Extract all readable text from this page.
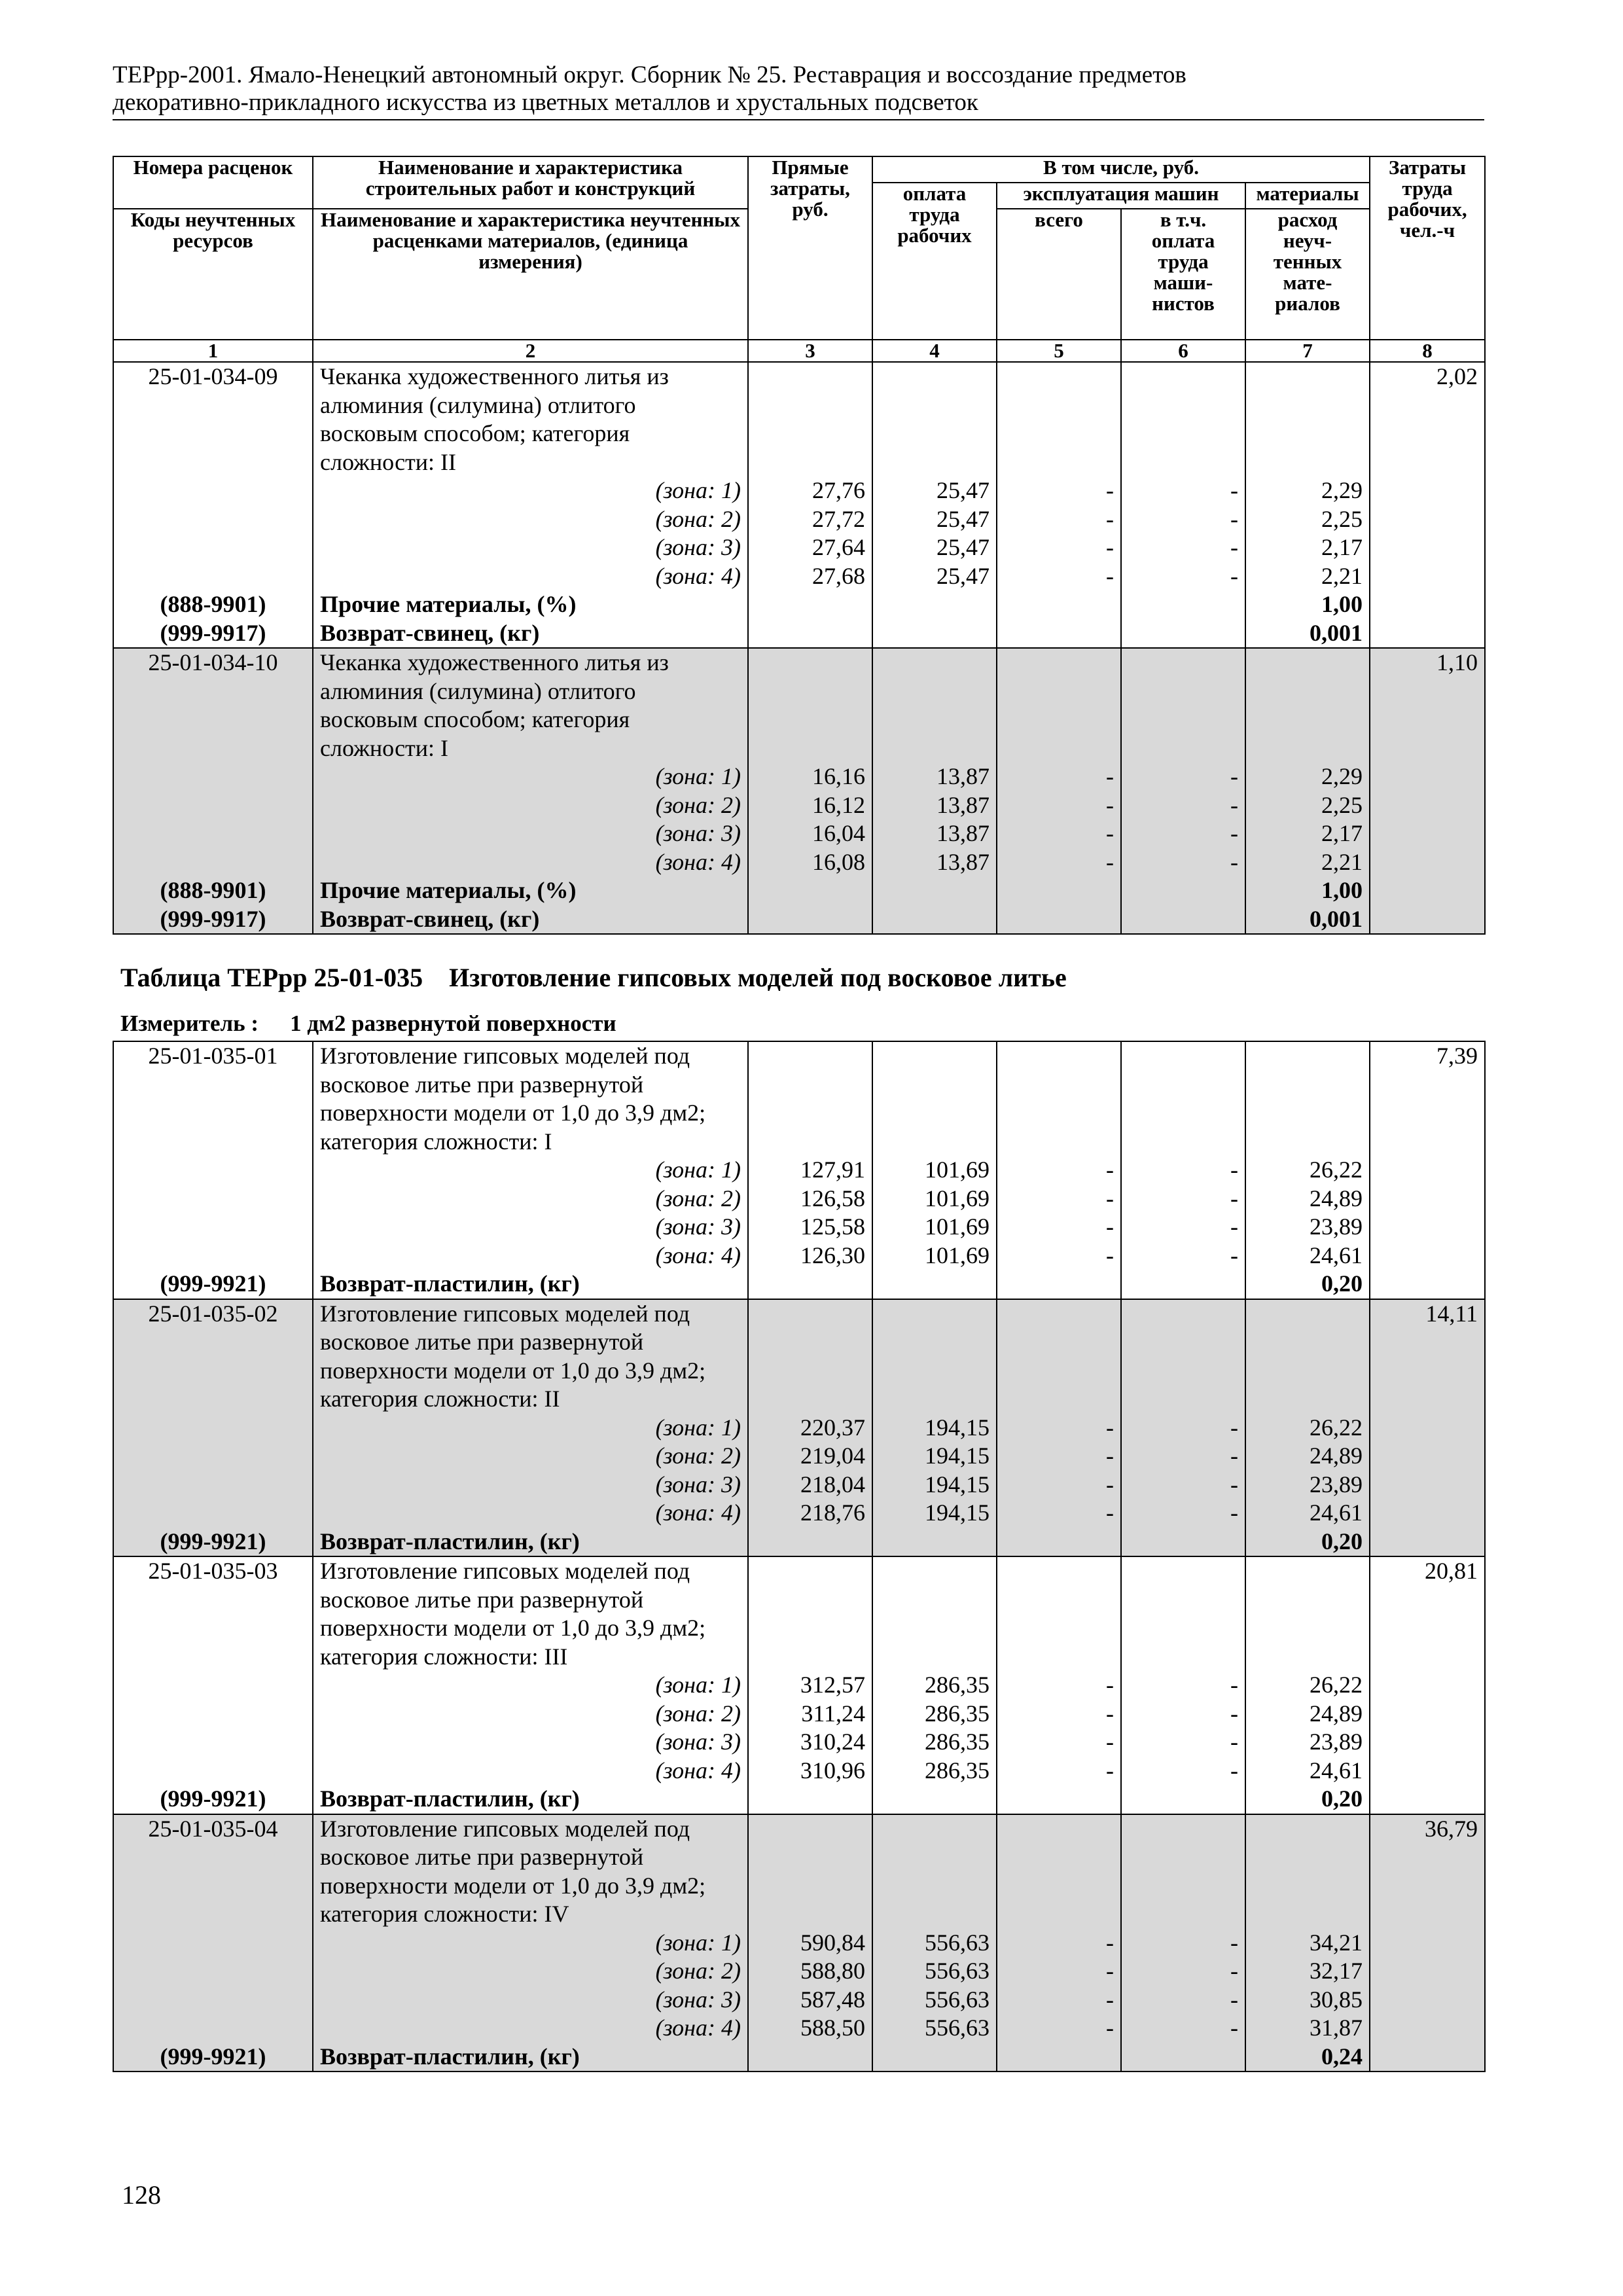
ТЕРрр-2001. Ямало-Ненецкий автономный округ. Сборник № 25. Реставрация и воссоздание предметов
декоративно-прикладного искусства из цветных металлов и хрустальных подсветок
Номера расценок	Наименование и характеристика строительных работ и конструкций	Прямые затраты, руб.	В том числе, руб.				Затраты труда рабочих, чел.-ч
			оплата труда рабочих	эксплуатация машин		материалы	
Коды неучтенных ресурсов	Наименование и характеристика неучтенных расценками материалов, (единица измерения)			всего	в т.ч. оплата труда маши- нистов	расход неуч- тенных мате- риалов	
1	2	3	4	5	6	7	8
25-01-034-09	Чеканка художественного литья из						2,02
	алюминия (силумина) отлитого						
	восковым способом; категория						
	сложности: II						
	(зона: 1)	27,76	25,47	-	-	2,29	
	(зона: 2)	27,72	25,47	-	-	2,25	
	(зона: 3)	27,64	25,47	-	-	2,17	
	(зона: 4)	27,68	25,47	-	-	2,21	
(888-9901)	Прочие материалы, (%)					1,00	
(999-9917)	Возврат-свинец, (кг)					0,001	
25-01-034-10	Чеканка художественного литья из						1,10
	алюминия (силумина) отлитого						
	восковым способом; категория						
	сложности: I						
	(зона: 1)	16,16	13,87	-	-	2,29	
	(зона: 2)	16,12	13,87	-	-	2,25	
	(зона: 3)	16,04	13,87	-	-	2,17	
	(зона: 4)	16,08	13,87	-	-	2,21	
(888-9901)	Прочие материалы, (%)					1,00	
(999-9917)	Возврат-свинец, (кг)					0,001	
Таблица ТЕРрр 25-01-035 Изготовление гипсовых моделей под восковое литье
Измеритель : 1 дм2 развернутой поверхности
25-01-035-01	Изготовление гипсовых моделей под						7,39
	восковое литье при развернутой						
	поверхности модели от 1,0 до 3,9 дм2;						
	категория сложности: I						
	(зона: 1)	127,91	101,69	-	-	26,22	
	(зона: 2)	126,58	101,69	-	-	24,89	
	(зона: 3)	125,58	101,69	-	-	23,89	
	(зона: 4)	126,30	101,69	-	-	24,61	
(999-9921)	Возврат-пластилин, (кг)					0,20	
25-01-035-02	Изготовление гипсовых моделей под						14,11
	восковое литье при развернутой						
	поверхности модели от 1,0 до 3,9 дм2;						
	категория сложности: II						
	(зона: 1)	220,37	194,15	-	-	26,22	
	(зона: 2)	219,04	194,15	-	-	24,89	
	(зона: 3)	218,04	194,15	-	-	23,89	
	(зона: 4)	218,76	194,15	-	-	24,61	
(999-9921)	Возврат-пластилин, (кг)					0,20	
25-01-035-03	Изготовление гипсовых моделей под						20,81
	восковое литье при развернутой						
	поверхности модели от 1,0 до 3,9 дм2;						
	категория сложности: III						
	(зона: 1)	312,57	286,35	-	-	26,22	
	(зона: 2)	311,24	286,35	-	-	24,89	
	(зона: 3)	310,24	286,35	-	-	23,89	
	(зона: 4)	310,96	286,35	-	-	24,61	
(999-9921)	Возврат-пластилин, (кг)					0,20	
25-01-035-04	Изготовление гипсовых моделей под						36,79
	восковое литье при развернутой						
	поверхности модели от 1,0 до 3,9 дм2;						
	категория сложности: IV						
	(зона: 1)	590,84	556,63	-	-	34,21	
	(зона: 2)	588,80	556,63	-	-	32,17	
	(зона: 3)	587,48	556,63	-	-	30,85	
	(зона: 4)	588,50	556,63	-	-	31,87	
(999-9921)	Возврат-пластилин, (кг)					0,24	
128
